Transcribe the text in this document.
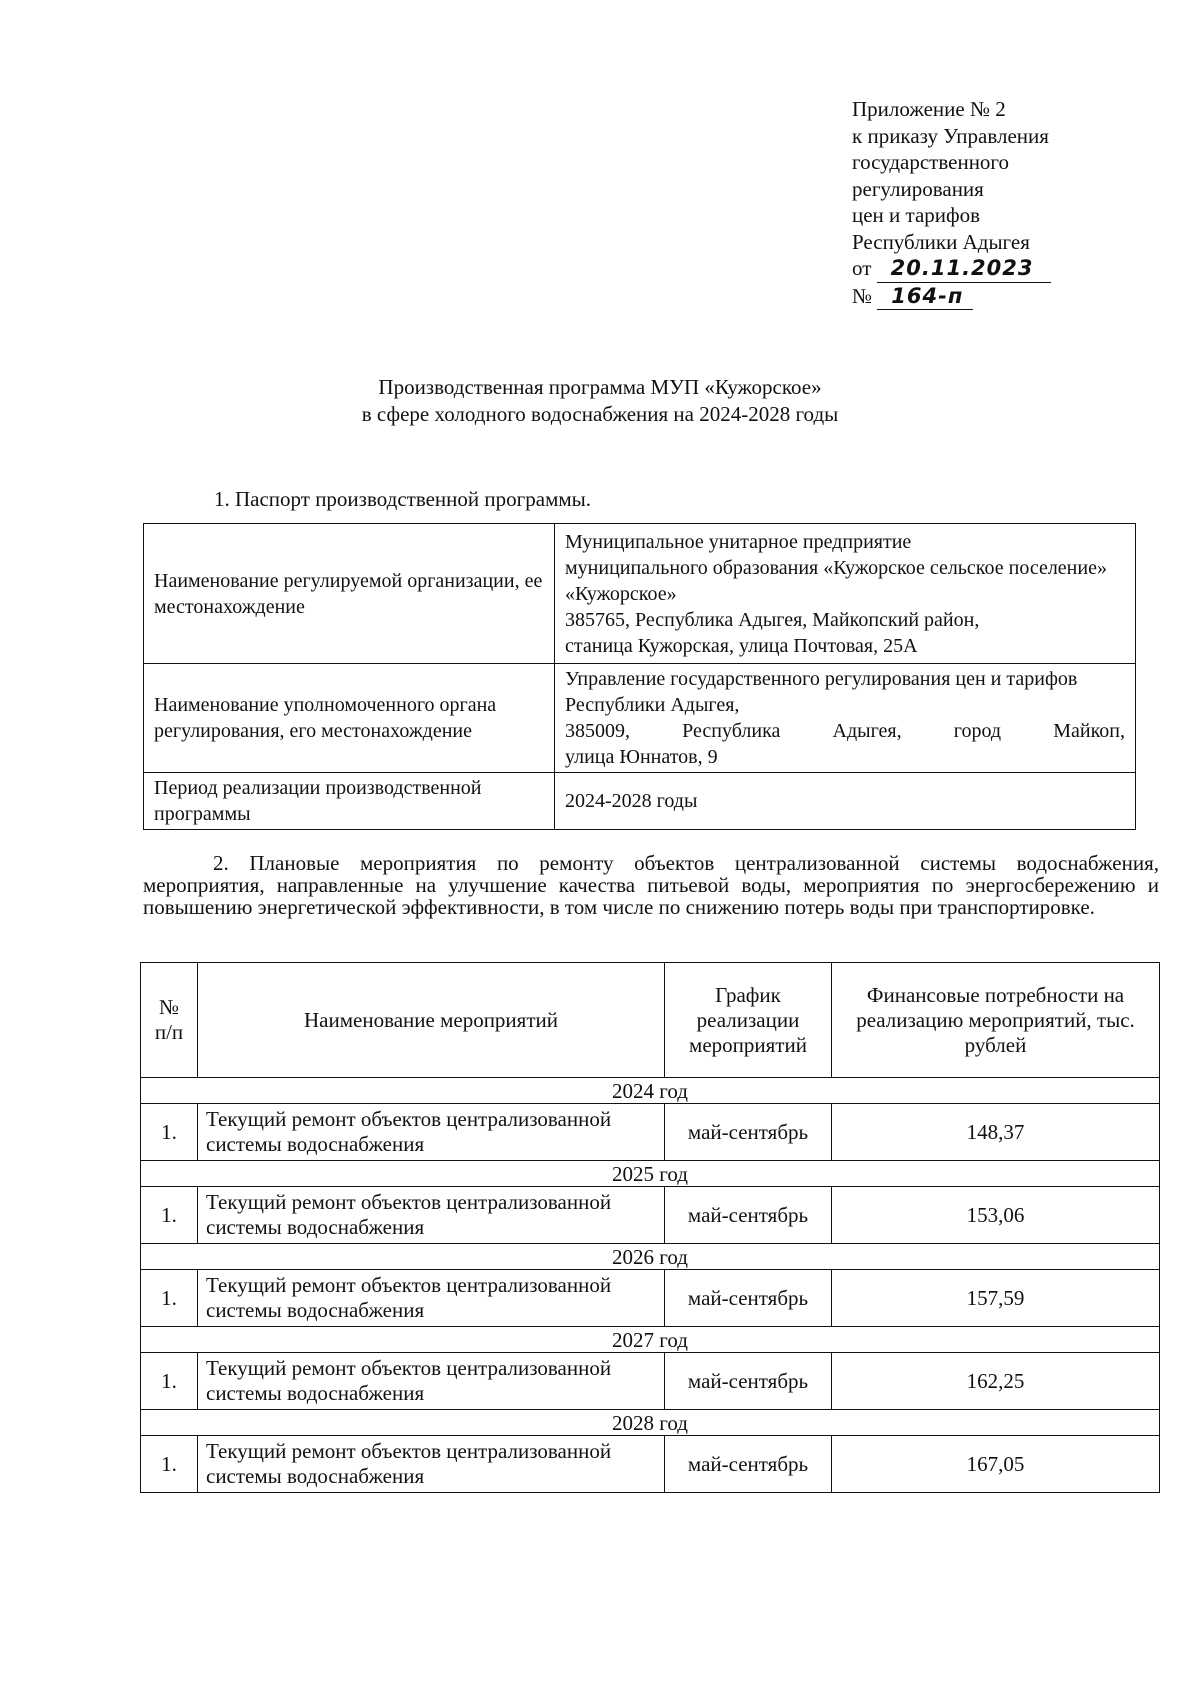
Приложение № 2
к приказу Управления
государственного
регулирования
цен и тарифов
Республики Адыгея
от 20.11.2023
№ 164-п
Производственная программа МУП «Кужорское»
в сфере холодного водоснабжения на 2024-2028 годы
1. Паспорт производственной программы.
Наименование регулируемой организации, ее местонахождение	Муниципальное унитарное предприятие
муниципального образования «Кужорское сельское поселение» «Кужорское»
385765, Республика Адыгея, Майкопский район,
станица Кужорская, улица Почтовая, 25А

Наименование уполномоченного органа регулирования, его местонахождение	Управление государственного регулирования цен и тарифов Республики Адыгея,
385009, Республика Адыгея, город Майкоп,
улица Юннатов, 9

Период реализации производственной программы	2024-2028 годы
2. Плановые мероприятия по ремонту объектов централизованной системы водоснабжения, мероприятия, направленные на улучшение качества питьевой воды, мероприятия по энергосбережению и повышению энергетической эффективности, в том числе по снижению потерь воды при транспортировке.
№ п/п	Наименование мероприятий	График реализации мероприятий	Финансовые потребности на реализацию мероприятий, тыс. рублей
2024 год			
1.	Текущий ремонт объектов централизованной системы водоснабжения	май-сентябрь	148,37
2025 год			
1.	Текущий ремонт объектов централизованной системы водоснабжения	май-сентябрь	153,06
2026 год			
1.	Текущий ремонт объектов централизованной системы водоснабжения	май-сентябрь	157,59
2027 год			
1.	Текущий ремонт объектов централизованной системы водоснабжения	май-сентябрь	162,25
2028 год			
1.	Текущий ремонт объектов централизованной системы водоснабжения	май-сентябрь	167,05
